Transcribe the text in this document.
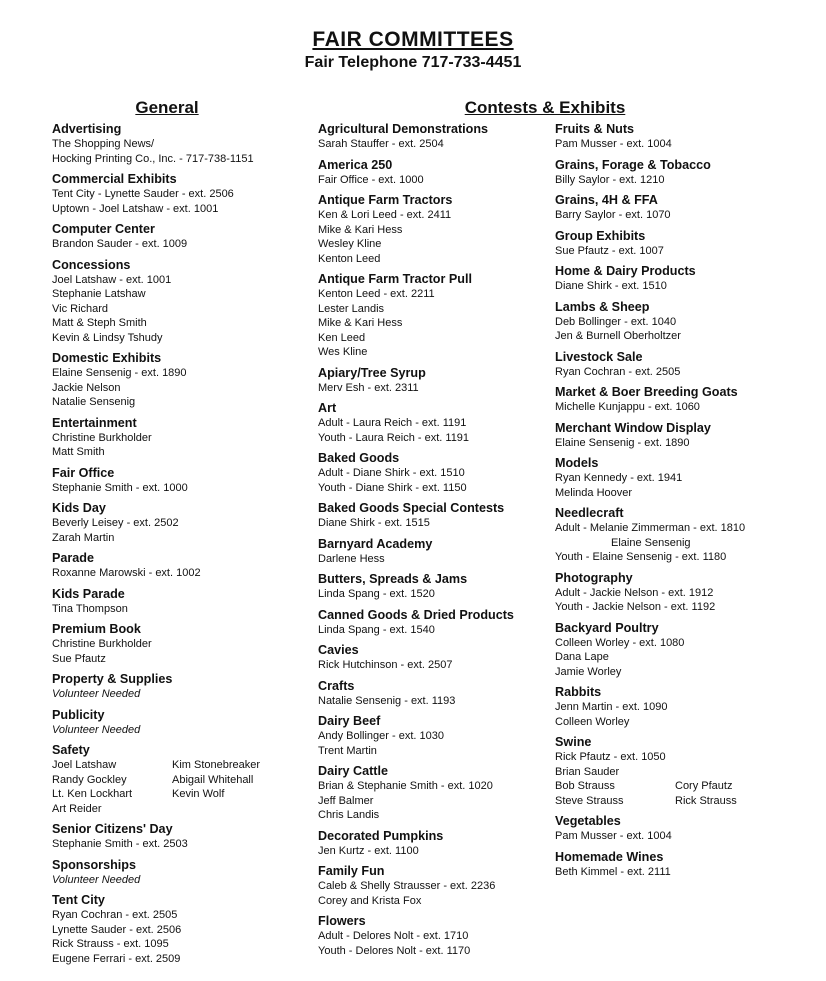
FAIR COMMITTEES
Fair Telephone 717-733-4451
General	Contests & Exhibits
Advertising
The Shopping News/
Hocking Printing Co., Inc. - 717-738-1151
Commercial Exhibits
Tent City - Lynette Sauder - ext. 2506
Uptown - Joel Latshaw - ext. 1001
Computer Center
Brandon Sauder - ext. 1009
Concessions
Joel Latshaw - ext. 1001
Stephanie Latshaw
Vic Richard
Matt & Steph Smith
Kevin & Lindsy Tshudy
Domestic Exhibits
Elaine Sensenig - ext. 1890
Jackie Nelson
Natalie Sensenig
Entertainment
Christine Burkholder
Matt Smith
Fair Office
Stephanie Smith - ext. 1000
Kids Day
Beverly Leisey - ext. 2502
Zarah Martin
Parade
Roxanne Marowski - ext. 1002
Kids Parade
Tina Thompson
Premium Book
Christine Burkholder
Sue Pfautz
Property & Supplies
Volunteer Needed
Publicity
Volunteer Needed
Safety
Joel Latshaw	Kim Stonebreaker
Randy Gockley	Abigail Whitehall
Lt. Ken Lockhart	Kevin Wolf
Art Reider
Senior Citizens' Day
Stephanie Smith - ext. 2503
Sponsorships
Volunteer Needed
Tent City
Ryan Cochran - ext. 2505
Lynette Sauder - ext. 2506
Rick Strauss - ext. 1095
Eugene Ferrari - ext. 2509
Agricultural Demonstrations
Sarah Stauffer - ext. 2504
America 250
Fair Office - ext. 1000
Antique Farm Tractors
Ken & Lori Leed - ext. 2411
Mike & Kari Hess
Wesley Kline
Kenton Leed
Antique Farm Tractor Pull
Kenton Leed - ext. 2211
Lester Landis
Mike & Kari Hess
Ken Leed
Wes Kline
Apiary/Tree Syrup
Merv Esh - ext. 2311
Art
Adult - Laura Reich - ext. 1191
Youth - Laura Reich - ext. 1191
Baked Goods
Adult - Diane Shirk - ext. 1510
Youth - Diane Shirk - ext. 1150
Baked Goods Special Contests
Diane Shirk - ext. 1515
Barnyard Academy
Darlene Hess
Butters, Spreads & Jams
Linda Spang - ext. 1520
Canned Goods & Dried Products
Linda Spang - ext. 1540
Cavies
Rick Hutchinson - ext. 2507
Crafts
Natalie Sensenig - ext. 1193
Dairy Beef
Andy Bollinger - ext. 1030
Trent Martin
Dairy Cattle
Brian & Stephanie Smith - ext. 1020
Jeff Balmer
Chris Landis
Decorated Pumpkins
Jen Kurtz - ext. 1100
Family Fun
Caleb & Shelly Strausser - ext. 2236
Corey and Krista Fox
Flowers
Adult - Delores Nolt - ext. 1710
Youth - Delores Nolt - ext. 1170
Fruits & Nuts
Pam Musser - ext. 1004
Grains, Forage & Tobacco
Billy Saylor - ext. 1210
Grains, 4H & FFA
Barry Saylor - ext. 1070
Group Exhibits
Sue Pfautz - ext. 1007
Home & Dairy Products
Diane Shirk - ext. 1510
Lambs & Sheep
Deb Bollinger - ext. 1040
Jen & Burnell Oberholtzer
Livestock Sale
Ryan Cochran - ext. 2505
Market & Boer Breeding Goats
Michelle Kunjappu - ext. 1060
Merchant Window Display
Elaine Sensenig - ext. 1890
Models
Ryan Kennedy - ext. 1941
Melinda Hoover
Needlecraft
Adult - Melanie Zimmerman - ext. 1810
Elaine Sensenig
Youth - Elaine Sensenig - ext. 1180
Photography
Adult - Jackie Nelson - ext. 1912
Youth - Jackie Nelson - ext. 1192
Backyard Poultry
Colleen Worley - ext. 1080
Dana Lape
Jamie Worley
Rabbits
Jenn Martin - ext. 1090
Colleen Worley
Swine
Rick Pfautz - ext. 1050
Brian Sauder
Bob Strauss	Cory Pfautz
Steve Strauss	Rick Strauss
Vegetables
Pam Musser - ext. 1004
Homemade Wines
Beth Kimmel - ext. 2111
